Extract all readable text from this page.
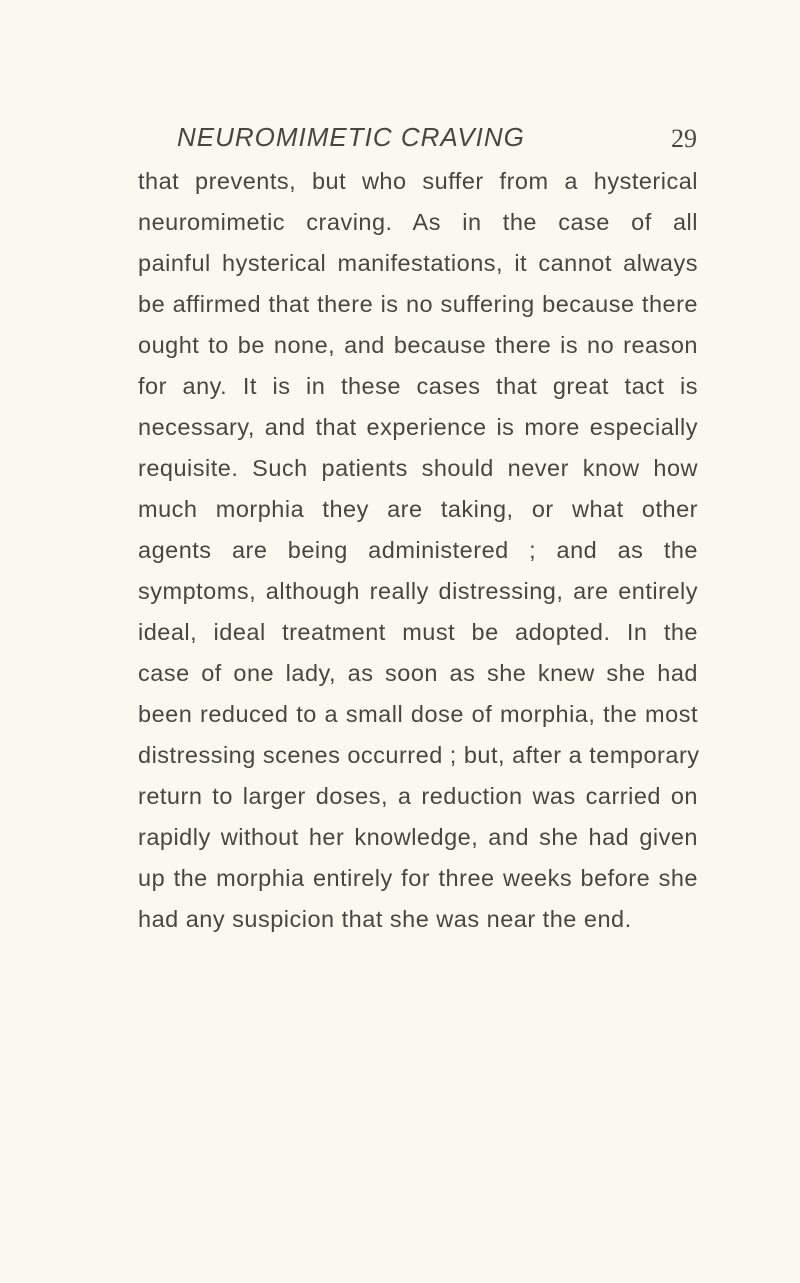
NEUROMIMETIC CRAVING	29
that prevents, but who suffer from a hysterical
neuromimetic craving. As in the case of all
painful hysterical manifestations, it cannot always
be affirmed that there is no suffering because there
ought to be none, and because there is no reason
for any. It is in these cases that great tact is
necessary, and that experience is more especially
requisite. Such patients should never know how
much morphia they are taking, or what other
agents are being administered ; and as the
symptoms, although really distressing, are entirely
ideal, ideal treatment must be adopted. In the
case of one lady, as soon as she knew she had
been reduced to a small dose of morphia, the most
distressing scenes occurred ; but, after a temporary
return to larger doses, a reduction was carried on
rapidly without her knowledge, and she had given
up the morphia entirely for three weeks before she
had any suspicion that she was near the end.
